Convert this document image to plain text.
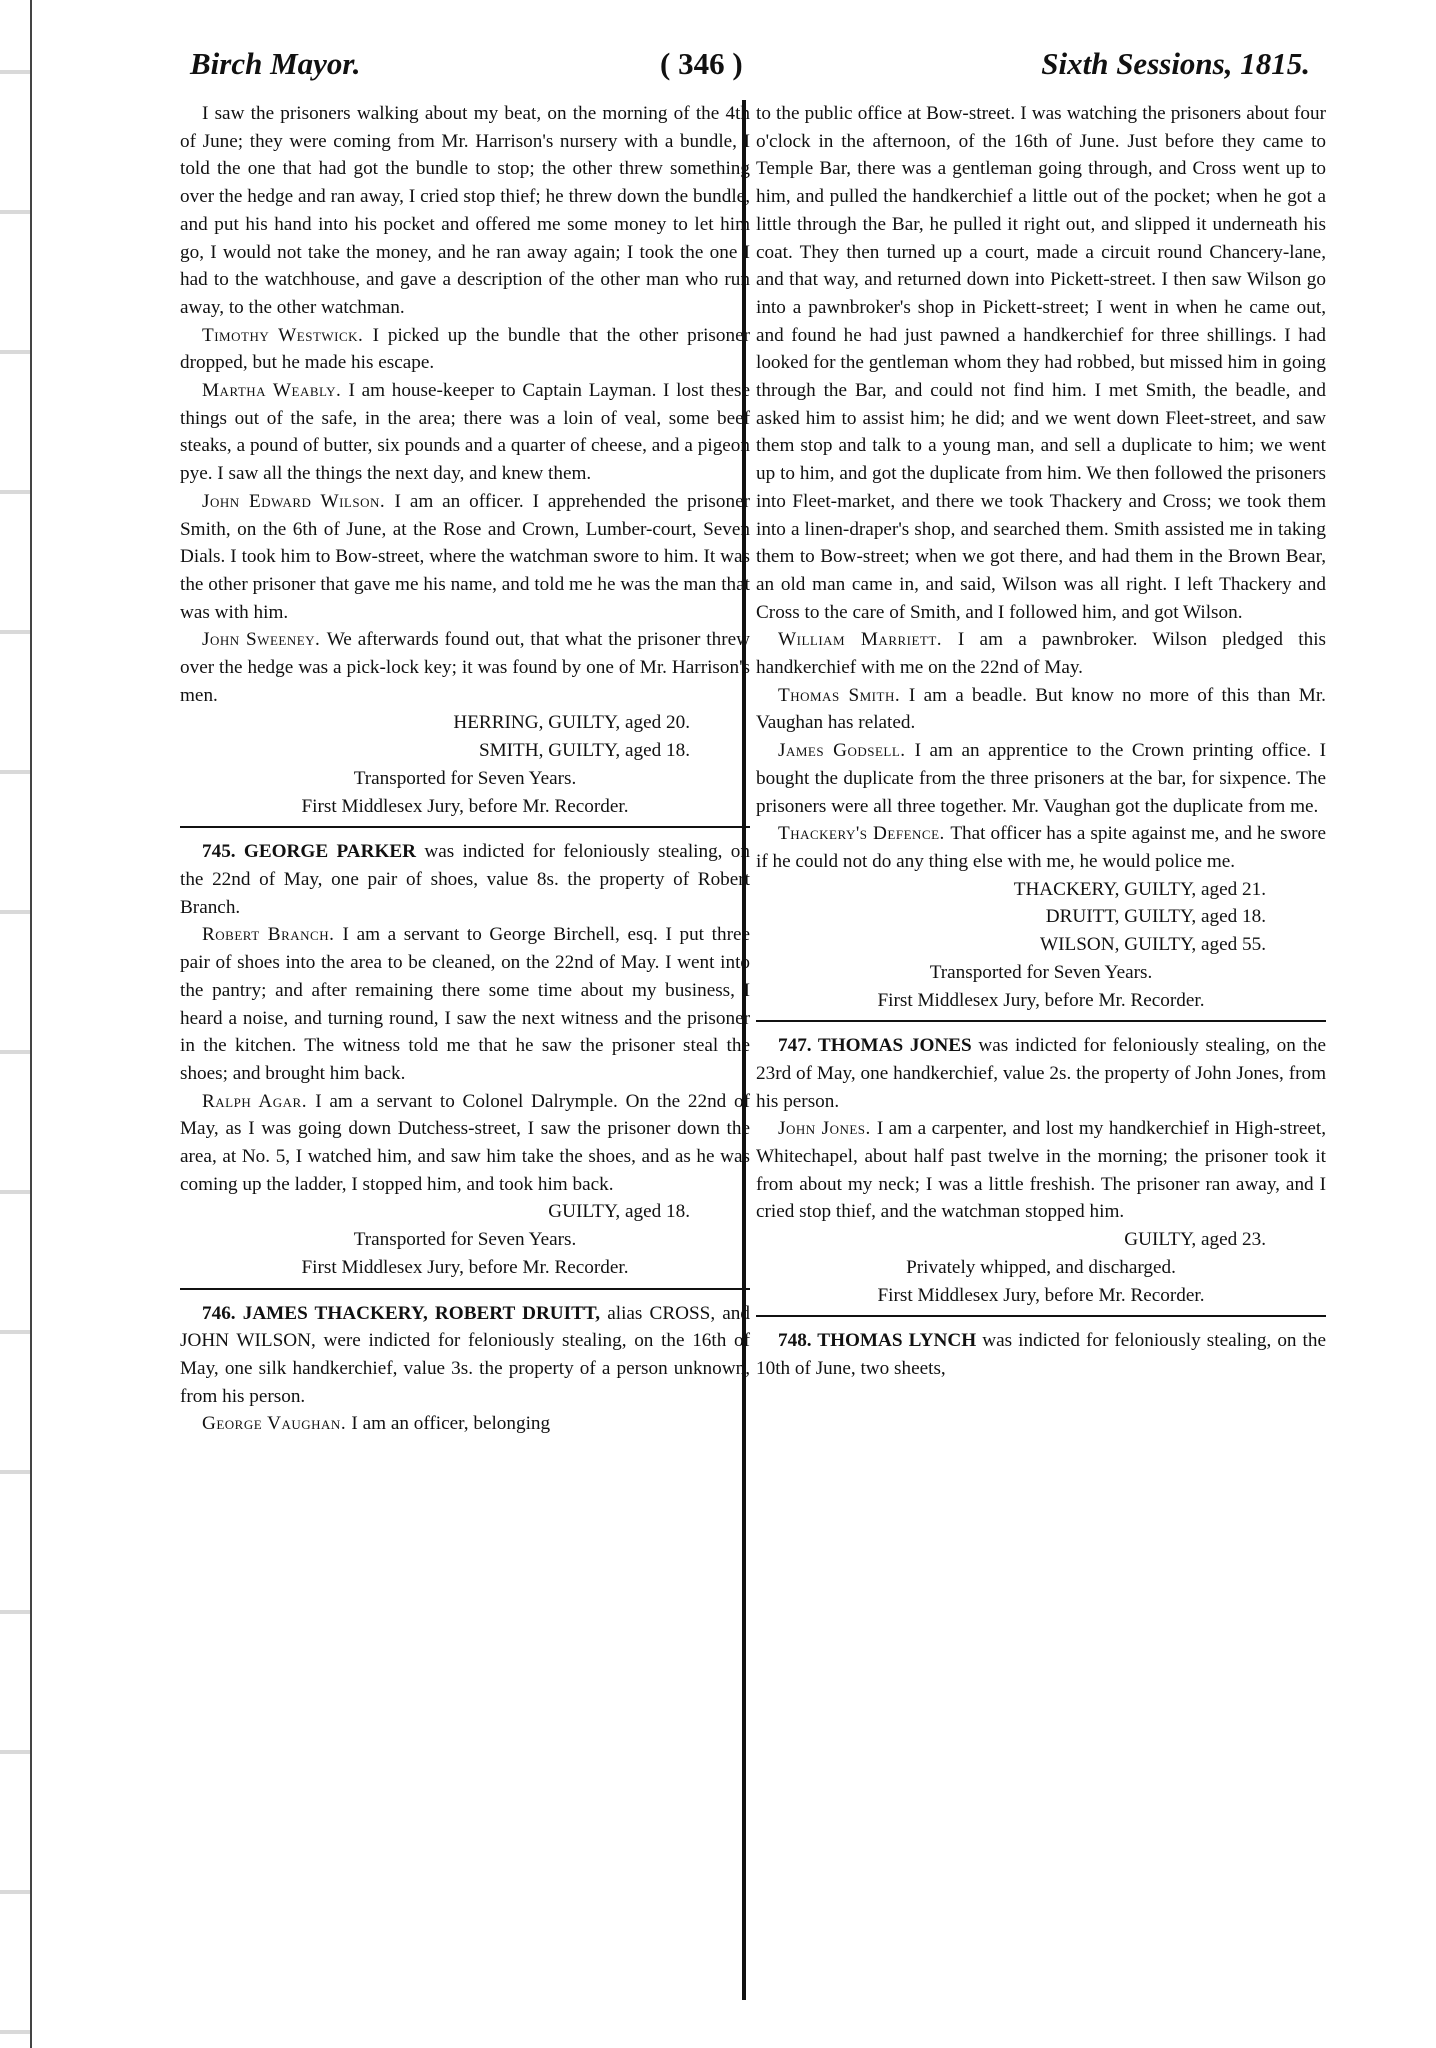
Birch Mayor.	( 346 )	Sixth Sessions, 1815.

I saw the prisoners walking about my beat, on the morning of the 4th of June; they were coming from Mr. Harrison's nursery with a bundle, I told the one that had got the bundle to stop; the other threw something over the hedge and ran away, I cried stop thief; he threw down the bundle, and put his hand into his pocket and offered me some money to let him go, I would not take the money, and he ran away again; I took the one I had to the watchhouse, and gave a description of the other man who run away, to the other watchman.

Timothy Westwick. I picked up the bundle that the other prisoner dropped, but he made his escape.

Martha Weably. I am house-keeper to Captain Layman. I lost these things out of the safe, in the area; there was a loin of veal, some beef steaks, a pound of butter, six pounds and a quarter of cheese, and a pigeon pye. I saw all the things the next day, and knew them.

John Edward Wilson. I am an officer. I apprehended the prisoner Smith, on the 6th of June, at the Rose and Crown, Lumber-court, Seven Dials. I took him to Bow-street, where the watchman swore to him. It was the other prisoner that gave me his name, and told me he was the man that was with him.

John Sweeney. We afterwards found out, that what the prisoner threw over the hedge was a pick-lock key; it was found by one of Mr. Harrison's men.

HERRING, GUILTY, aged 20.

SMITH, GUILTY, aged 18.

Transported for Seven Years.

First Middlesex Jury, before Mr. Recorder.

745. GEORGE PARKER was indicted for feloniously stealing, on the 22nd of May, one pair of shoes, value 8s. the property of Robert Branch.

Robert Branch. I am a servant to George Birchell, esq. I put three pair of shoes into the area to be cleaned, on the 22nd of May. I went into the pantry; and after remaining there some time about my business, I heard a noise, and turning round, I saw the next witness and the prisoner in the kitchen. The witness told me that he saw the prisoner steal the shoes; and brought him back.

Ralph Agar. I am a servant to Colonel Dalrymple. On the 22nd of May, as I was going down Dutchess-street, I saw the prisoner down the area, at No. 5, I watched him, and saw him take the shoes, and as he was coming up the ladder, I stopped him, and took him back.

GUILTY, aged 18.

Transported for Seven Years.

First Middlesex Jury, before Mr. Recorder.

746. JAMES THACKERY, ROBERT DRUITT, alias CROSS, and JOHN WILSON, were indicted for feloniously stealing, on the 16th of May, one silk handkerchief, value 3s. the property of a person unknown, from his person.

George Vaughan. I am an officer, belonging

to the public office at Bow-street. I was watching the prisoners about four o'clock in the afternoon, of the 16th of June. Just before they came to Temple Bar, there was a gentleman going through, and Cross went up to him, and pulled the handkerchief a little out of the pocket; when he got a little through the Bar, he pulled it right out, and slipped it underneath his coat. They then turned up a court, made a circuit round Chancery-lane, and that way, and returned down into Pickett-street. I then saw Wilson go into a pawnbroker's shop in Pickett-street; I went in when he came out, and found he had just pawned a handkerchief for three shillings. I had looked for the gentleman whom they had robbed, but missed him in going through the Bar, and could not find him. I met Smith, the beadle, and asked him to assist him; he did; and we went down Fleet-street, and saw them stop and talk to a young man, and sell a duplicate to him; we went up to him, and got the duplicate from him. We then followed the prisoners into Fleet-market, and there we took Thackery and Cross; we took them into a linen-draper's shop, and searched them. Smith assisted me in taking them to Bow-street; when we got there, and had them in the Brown Bear, an old man came in, and said, Wilson was all right. I left Thackery and Cross to the care of Smith, and I followed him, and got Wilson.

William Marriett. I am a pawnbroker. Wilson pledged this handkerchief with me on the 22nd of May.

Thomas Smith. I am a beadle. But know no more of this than Mr. Vaughan has related.

James Godsell. I am an apprentice to the Crown printing office. I bought the duplicate from the three prisoners at the bar, for sixpence. The prisoners were all three together. Mr. Vaughan got the duplicate from me.

Thackery's Defence. That officer has a spite against me, and he swore if he could not do any thing else with me, he would police me.

THACKERY, GUILTY, aged 21.

DRUITT, GUILTY, aged 18.

WILSON, GUILTY, aged 55.

Transported for Seven Years.

First Middlesex Jury, before Mr. Recorder.

747. THOMAS JONES was indicted for feloniously stealing, on the 23rd of May, one handkerchief, value 2s. the property of John Jones, from his person.

John Jones. I am a carpenter, and lost my handkerchief in High-street, Whitechapel, about half past twelve in the morning; the prisoner took it from about my neck; I was a little freshish. The prisoner ran away, and I cried stop thief, and the watchman stopped him.

GUILTY, aged 23.

Privately whipped, and discharged.

First Middlesex Jury, before Mr. Recorder.

748. THOMAS LYNCH was indicted for feloniously stealing, on the 10th of June, two sheets,
